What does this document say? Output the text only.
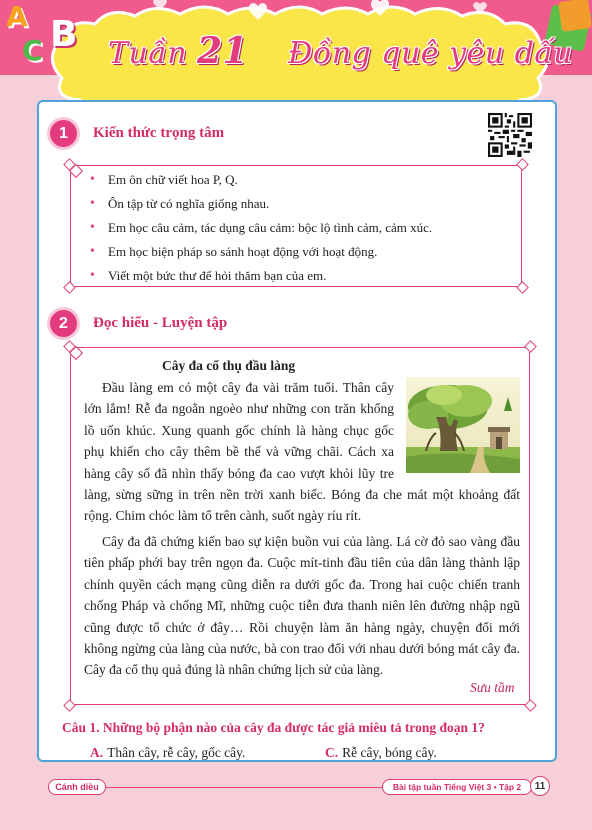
A B
C Tuần 21 Đồng quê yêu dấu
1	Kiến thức trọng tâm
• Em ôn chữ viết hoa P, Q.
• Ôn tập từ có nghĩa giống nhau.
• Em học câu cảm, tác dụng câu cảm: bộc lộ tình cảm, cảm xúc.
• Em học biện pháp so sánh hoạt động với hoạt động.
• Viết một bức thư để hỏi thăm bạn của em.
2	Đọc hiểu - Luyện tập
Cây đa cổ thụ đầu làng
Đầu làng em có một cây đa vài trăm tuổi. Thân cây
lớn lắm! Rễ đa ngoằn ngoèo như những con trăn khổng
lồ uốn khúc. Xung quanh gốc chính là hàng chục gốc
phụ khiến cho cây thêm bề thế và vững chãi. Cách xa
hàng cây số đã nhìn thấy bóng đa cao vượt khỏi lũy tre
làng, sừng sững in trên nền trời xanh biếc. Bóng đa che mát một khoảng đất
rộng. Chim chóc làm tổ trên cành, suốt ngày ríu rít.
Cây đa đã chứng kiến bao sự kiện buồn vui của làng. Lá cờ đỏ sao vàng đầu
tiên phấp phới bay trên ngọn đa. Cuộc mít-tinh đầu tiên của dân làng thành lập
chính quyền cách mạng cũng diễn ra dưới gốc đa. Trong hai cuộc chiến tranh
chống Pháp và chống Mĩ, những cuộc tiễn đưa thanh niên lên đường nhập ngũ
cũng được tổ chức ở đây… Rồi chuyện làm ăn hàng ngày, chuyện đổi mới
không ngừng của làng của nước, bà con trao đổi với nhau dưới bóng mát cây đa.
Cây đa cổ thụ quả đúng là nhân chứng lịch sử của làng.
Sưu tầm
Câu 1. Những bộ phận nào của cây đa được tác giả miêu tả trong đoạn 1?
A. Thân cây, rễ cây, gốc cây.	C. Rễ cây, bóng cây.
Cánh diều	Bài tập tuần Tiếng Việt 3 • Tập 2	11
